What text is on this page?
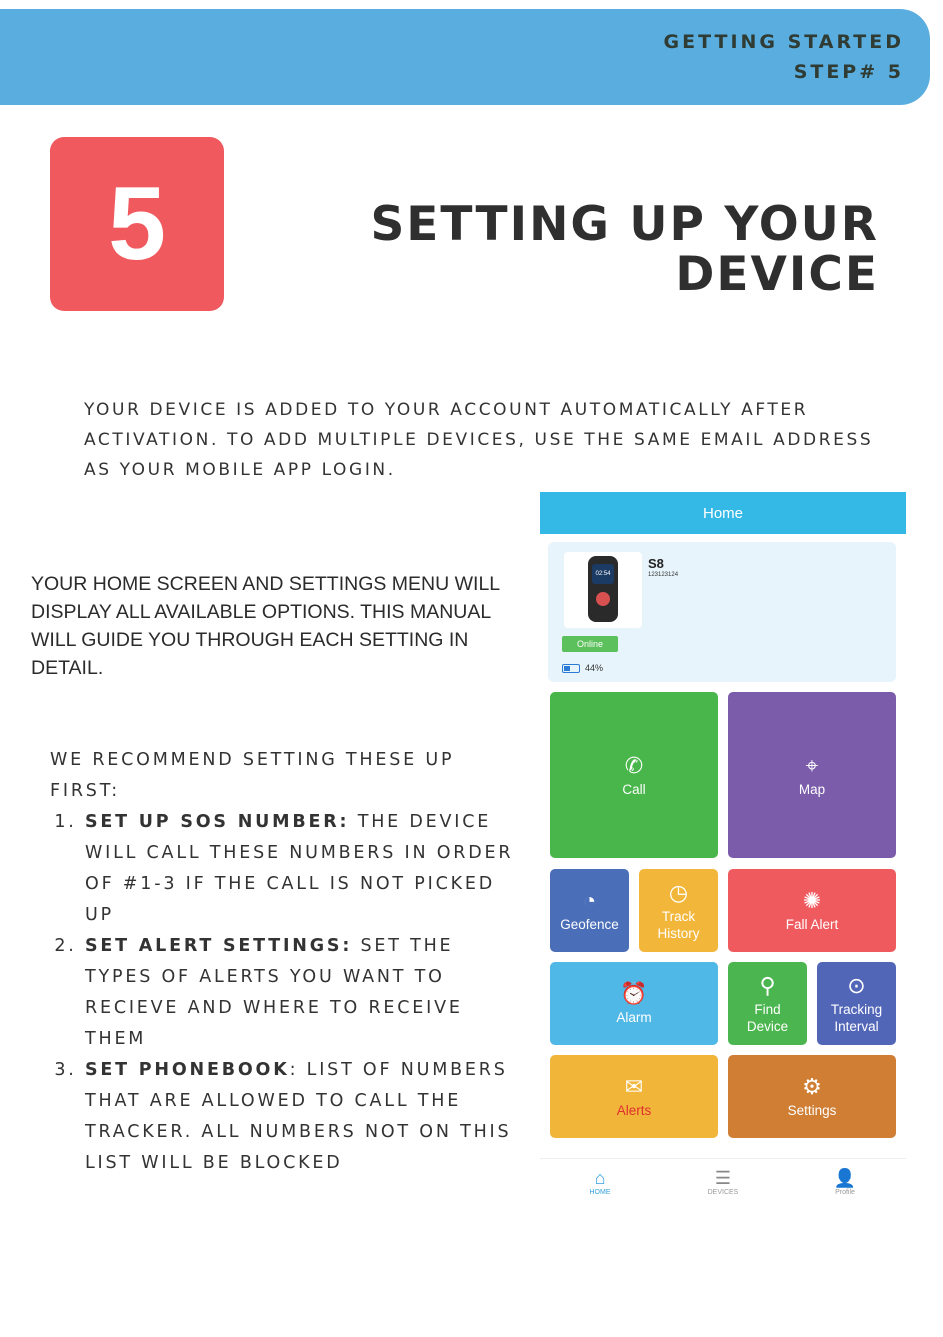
GETTING STARTED
STEP# 5
5	SETTING UP YOUR
DEVICE
YOUR DEVICE IS ADDED TO YOUR ACCOUNT AUTOMATICALLY AFTER ACTIVATION. TO ADD MULTIPLE DEVICES, USE THE SAME EMAIL ADDRESS AS YOUR MOBILE APP LOGIN.
YOUR HOME SCREEN AND SETTINGS MENU WILL DISPLAY ALL AVAILABLE OPTIONS. THIS MANUAL WILL GUIDE YOU THROUGH EACH SETTING IN DETAIL.
WE RECOMMEND SETTING THESE UP FIRST:
1. SET UP SOS NUMBER: THE DEVICE WILL CALL THESE NUMBERS IN ORDER OF #1-3 IF THE CALL IS NOT PICKED UP
2. SET ALERT SETTINGS: SET THE TYPES OF ALERTS YOU WANT TO RECIEVE AND WHERE TO RECEIVE THEM
3. SET PHONEBOOK: LIST OF NUMBERS THAT ARE ALLOWED TO CALL THE TRACKER. ALL NUMBERS NOT ON THIS LIST WILL BE BLOCKED
Home
02:54
S8
123123124
Online
44%
✆
Call
⌖
Map
◔
Geofence
◷
Track
History
✺
Fall Alert
⏰
Alarm
⚲
Find
Device
⊙
Tracking
Interval
✉
Alerts
⚙
Settings
⌂
HOME
☰
DEVICES
👤
Profile
